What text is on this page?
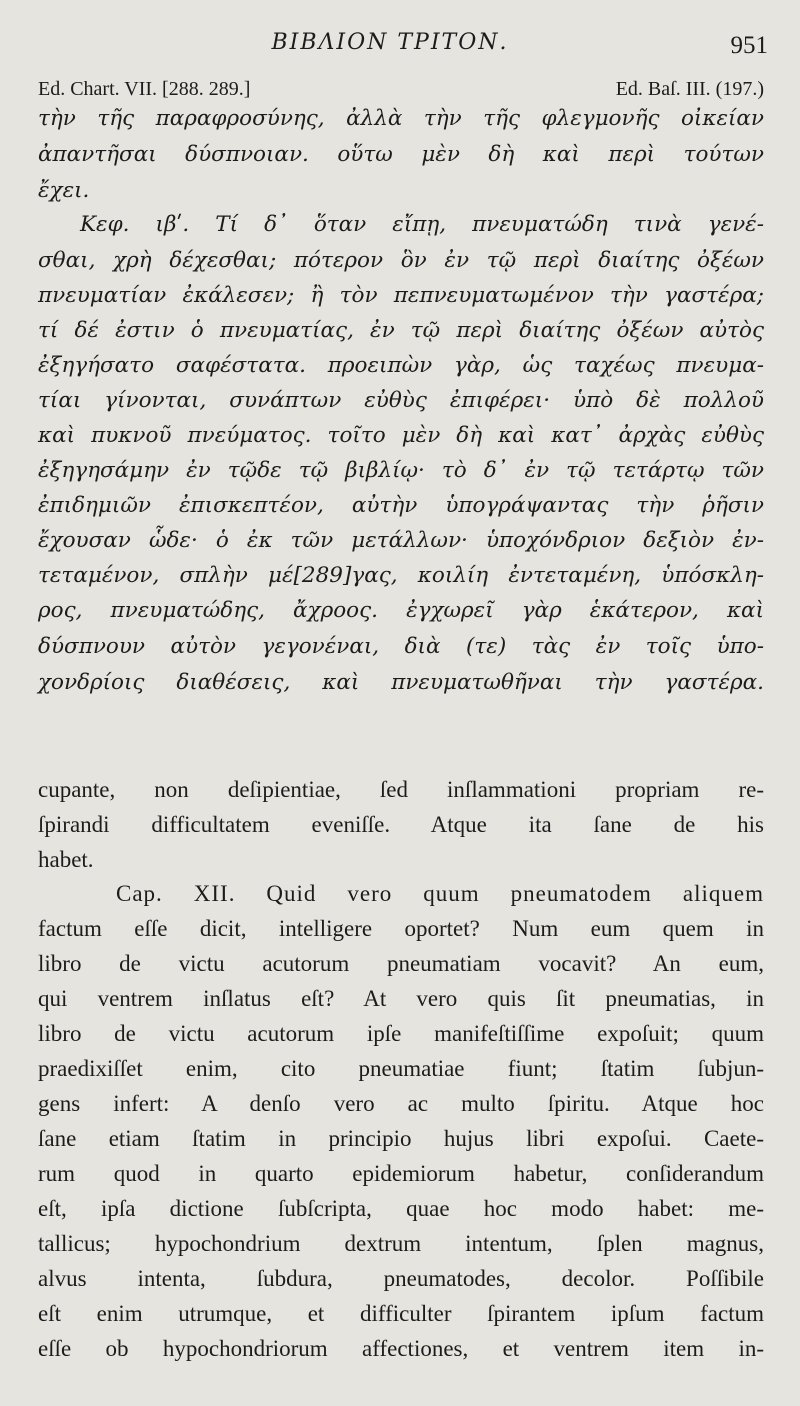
BIBΛΙΟΝ ΤΡΙΤΟΝ.	951
Ed. Chart. VII. [288. 289.]	Ed. Baſ. III. (197.)
τὴν τῆς παραφροσύνης, ἀλλὰ τὴν τῆς φλεγμονῆς οἰκείαν
ἀπαντῆσαι δύσπνοιαν. οὕτω μὲν δὴ καὶ περὶ τούτων
ἔχει.
Κεφ. ιβʹ. Τί δ᾽ ὅταν εἴπῃ, πνευματώδη τινὰ γενέ-
σθαι, χρὴ δέχεσθαι; πότερον ὃν ἐν τῷ περὶ διαίτης ὀξέων
πνευματίαν ἐκάλεσεν; ἢ τὸν πεπνευματωμένον τὴν γαστέρα;
τί δέ ἐστιν ὁ πνευματίας, ἐν τῷ περὶ διαίτης ὀξέων αὐτὸς
ἐξηγήσατο σαφέστατα. προειπὼν γὰρ, ὡς ταχέως πνευμα-
τίαι γίνονται, συνάπτων εὐθὺς ἐπιφέρει· ὑπὸ δὲ πολλοῦ
καὶ πυκνοῦ πνεύματος. τοῖτο μὲν δὴ καὶ κατ᾽ ἀρχὰς εὐθὺς
ἐξηγησάμην ἐν τῷδε τῷ βιβλίῳ· τὸ δ᾽ ἐν τῷ τετάρτῳ τῶν
ἐπιδημιῶν ἐπισκεπτέον, αὐτὴν ὑπογράψαντας τὴν ῥῆσιν
ἔχουσαν ὧδε· ὁ ἐκ τῶν μετάλλων· ὑποχόνδριον δεξιὸν ἐν-
τεταμένον, σπλὴν μέ[289]γας, κοιλίη ἐντεταμένη, ὑπόσκλη-
ρος, πνευματώδης, ἄχροος. ἐγχωρεῖ γὰρ ἑκάτερον, καὶ
δύσπνουν αὐτὸν γεγονέναι, διὰ (τε) τὰς ἐν τοῖς ὑπο-
χονδρίοις διαθέσεις, καὶ πνευματωθῆναι τὴν γαστέρα.
cupante, non deſipientiae, ſed inſlammationi propriam re-
ſpirandi difficultatem eveniſſe. Atque ita ſane de his
habet.
Cap. XII. Quid vero quum pneumatodem aliquem
factum eſſe dicit, intelligere oportet? Num eum quem in
libro de victu acutorum pneumatiam vocavit? An eum,
qui ventrem inſlatus eſt? At vero quis ſit pneumatias, in
libro de victu acutorum ipſe manifeſtiſſime expoſuit; quum
praedixiſſet enim, cito pneumatiae fiunt; ſtatim ſubjun-
gens infert: A denſo vero ac multo ſpiritu. Atque hoc
ſane etiam ſtatim in principio hujus libri expoſui. Caete-
rum quod in quarto epidemiorum habetur, conſiderandum
eſt, ipſa dictione ſubſcripta, quae hoc modo habet: me-
tallicus; hypochondrium dextrum intentum, ſplen magnus,
alvus intenta, ſubdura, pneumatodes, decolor. Poſſibile
eſt enim utrumque, et difficulter ſpirantem ipſum factum
eſſe ob hypochondriorum affectiones, et ventrem item in-
